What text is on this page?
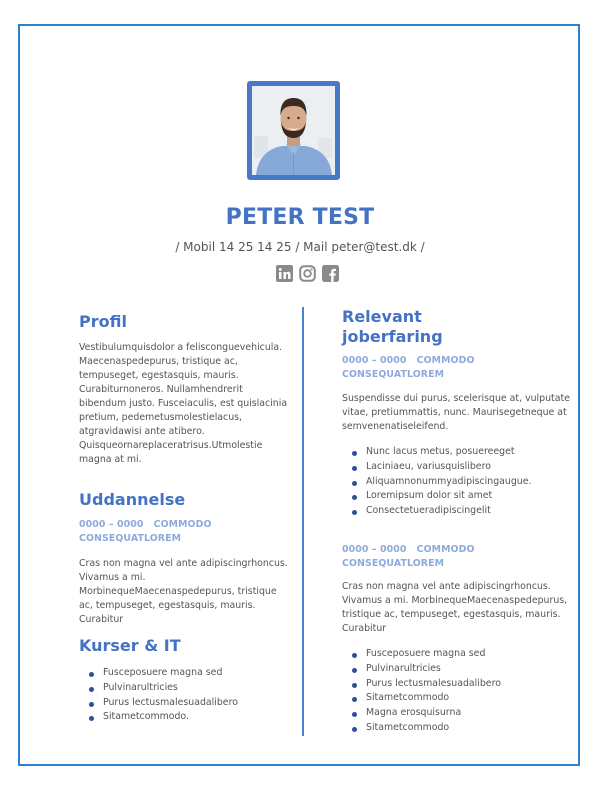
PETER TEST
/ Mobil 14 25 14 25 / Mail peter@test.dk /
Profil
Vestibulumquisdolor a felisconguevehicula.
Maecenaspedepurus, tristique ac,
tempuseget, egestasquis, mauris.
Curabiturnoneros. Nullamhendrerit
bibendum justo. Fusceiaculis, est quislacinia
pretium, pedemetusmolestielacus,
atgravidawisi ante atibero.
Quisqueornareplaceratrisus.Utmolestie
magna at mi.
Uddannelse
0000 – 0000   COMMODO
CONSEQUATLOREM
Cras non magna vel ante adipiscingrhoncus.
Vivamus a mi.
MorbinequeMaecenaspedepurus, tristique
ac, tempuseget, egestasquis, mauris.
Curabitur
Kurser & IT
Fusceposuere magna sed
Pulvinarultricies
Purus lectusmalesuadalibero
Sitametcommodo.
Relevant
joberfaring
0000 – 0000   COMMODO
CONSEQUATLOREM
Suspendisse dui purus, scelerisque at, vulputate
vitae, pretiummattis, nunc. Maurisegetneque at
semvenenatiseleifend.
Nunc lacus metus, posuereeget
Laciniaeu, variusquislibero
Aliquamnonummyadipiscingaugue.
Loremipsum dolor sit amet
Consectetueradipiscingelit
0000 – 0000   COMMODO
CONSEQUATLOREM
Cras non magna vel ante adipiscingrhoncus.
Vivamus a mi. MorbinequeMaecenaspedepurus,
tristique ac, tempuseget, egestasquis, mauris.
Curabitur
Fusceposuere magna sed
Pulvinarultricies
Purus lectusmalesuadalibero
Sitametcommodo
Magna erosquisurna
Sitametcommodo
